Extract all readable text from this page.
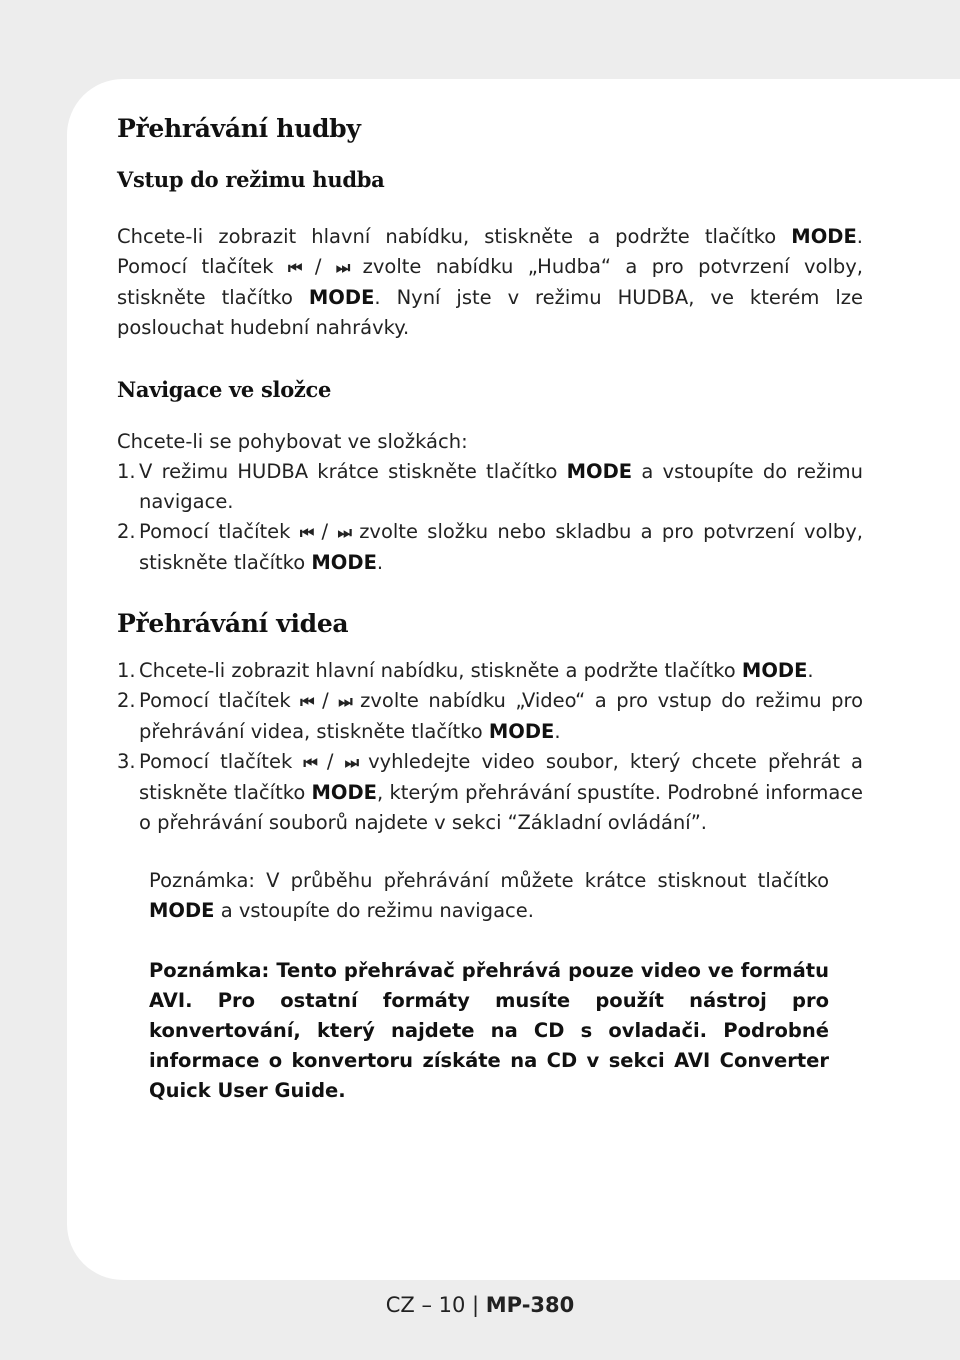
Přehrávání hudby
Vstup do režimu hudba

Chcete-li zobrazit hlavní nabídku, stiskněte a podržte tlačítko MODE. Pomocí tlačítek ⏮ / ⏭ zvolte nabídku „Hudba“ a pro potvrzení volby, stiskněte tlačítko MODE. Nyní jste v režimu HUDBA, ve kterém lze poslouchat hudební nahrávky.

Navigace ve složce

Chcete-li se pohybovat ve složkách:

1. V režimu HUDBA krátce stiskněte tlačítko MODE a vstoupíte do režimu navigace.
2. Pomocí tlačítek ⏮ / ⏭ zvolte složku nebo skladbu a pro potvrzení volby, stiskněte tlačítko MODE.
Přehrávání videa
1. Chcete-li zobrazit hlavní nabídku, stiskněte a podržte tlačítko MODE.
2. Pomocí tlačítek ⏮ / ⏭ zvolte nabídku „Video“ a pro vstup do režimu pro přehrávání videa, stiskněte tlačítko MODE.
3. Pomocí tlačítek ⏮ / ⏭ vyhledejte video soubor, který chcete přehrát a stiskněte tlačítko MODE, kterým přehrávání spustíte. Podrobné informace o přehrávání souborů najdete v sekci “Základní ovládání”.

Poznámka: V průběhu přehrávání můžete krátce stisknout tlačítko MODE a vstoupíte do režimu navigace.

Poznámka: Tento přehrávač přehrává pouze video ve formátu AVI. Pro ostatní formáty musíte použít nástroj pro konvertování, který najdete na CD s ovladači. Podrobné informace o konvertoru získáte na CD v sekci AVI Converter Quick User Guide.

CZ – 10 | MP-380
